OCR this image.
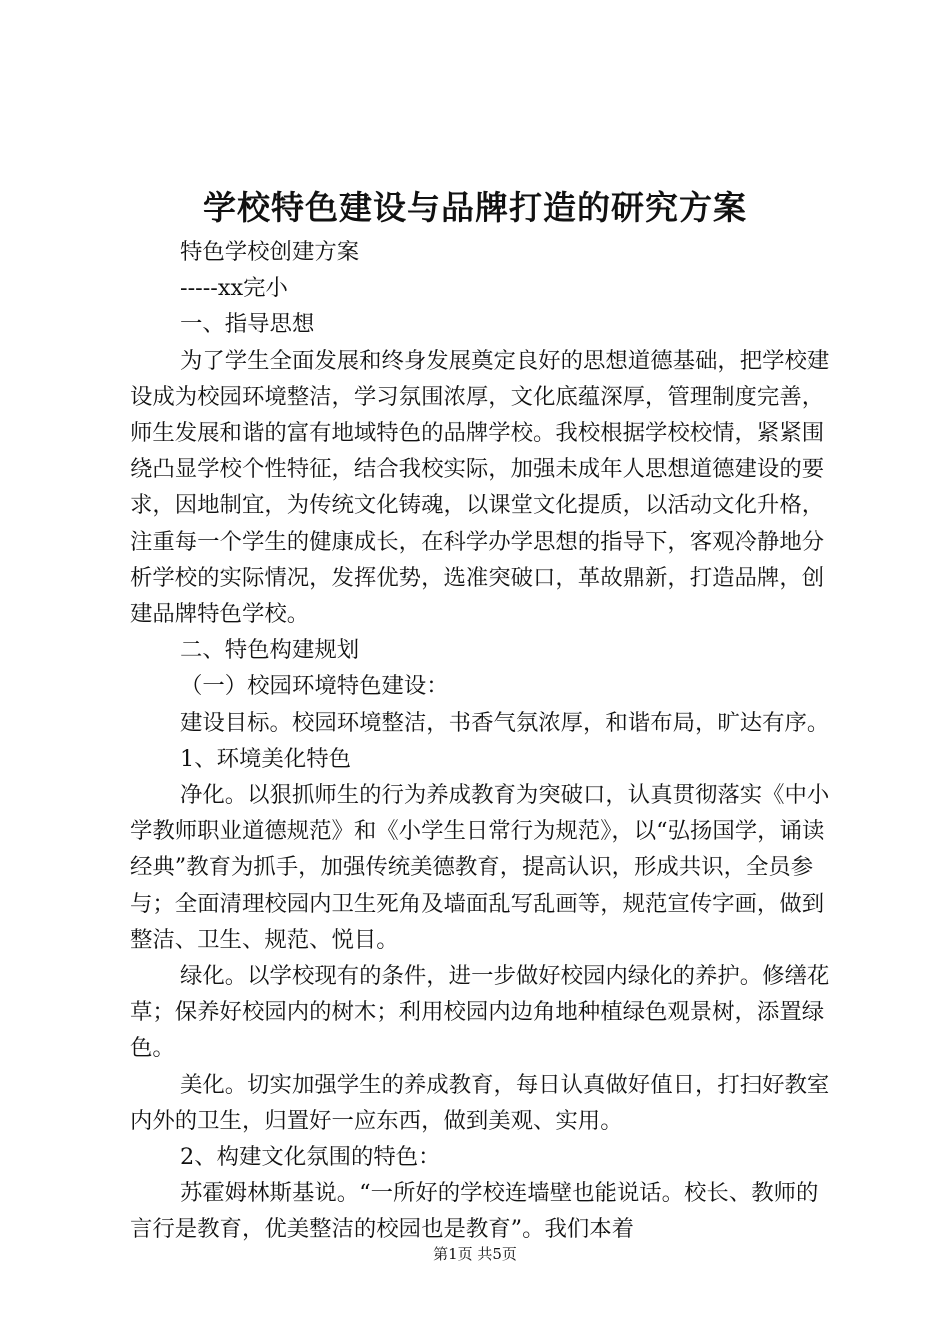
学校特色建设与品牌打造的研究方案

特色学校创建方案

-----xx完小

一、指导思想

为了学生全面发展和终身发展奠定良好的思想道德基础，把学校建设成为校园环境整洁，学习氛围浓厚，文化底蕴深厚，管理制度完善，师生发展和谐的富有地域特色的品牌学校。我校根据学校校情，紧紧围绕凸显学校个性特征，结合我校实际，加强未成年人思想道德建设的要求，因地制宜，为传统文化铸魂，以课堂文化提质，以活动文化升格，注重每一个学生的健康成长，在科学办学思想的指导下，客观冷静地分析学校的实际情况，发挥优势，选准突破口，革故鼎新，打造品牌，创建品牌特色学校。

二、特色构建规划

（一）校园环境特色建设：

建设目标。校园环境整洁，书香气氛浓厚，和谐布局，旷达有序。

1、环境美化特色

净化。以狠抓师生的行为养成教育为突破口，认真贯彻落实《中小学教师职业道德规范》和《小学生日常行为规范》，以“弘扬国学，诵读经典”教育为抓手，加强传统美德教育，提高认识，形成共识，全员参与；全面清理校园内卫生死角及墙面乱写乱画等，规范宣传字画，做到整洁、卫生、规范、悦目。

绿化。以学校现有的条件，进一步做好校园内绿化的养护。修缮花草；保养好校园内的树木；利用校园内边角地种植绿色观景树，添置绿色。

美化。切实加强学生的养成教育，每日认真做好值日，打扫好教室内外的卫生，归置好一应东西，做到美观、实用。

2、构建文化氛围的特色：

苏霍姆林斯基说。“一所好的学校连墙壁也能说话。校长、教师的言行是教育，优美整洁的校园也是教育”。我们本着

第1页 共5页
